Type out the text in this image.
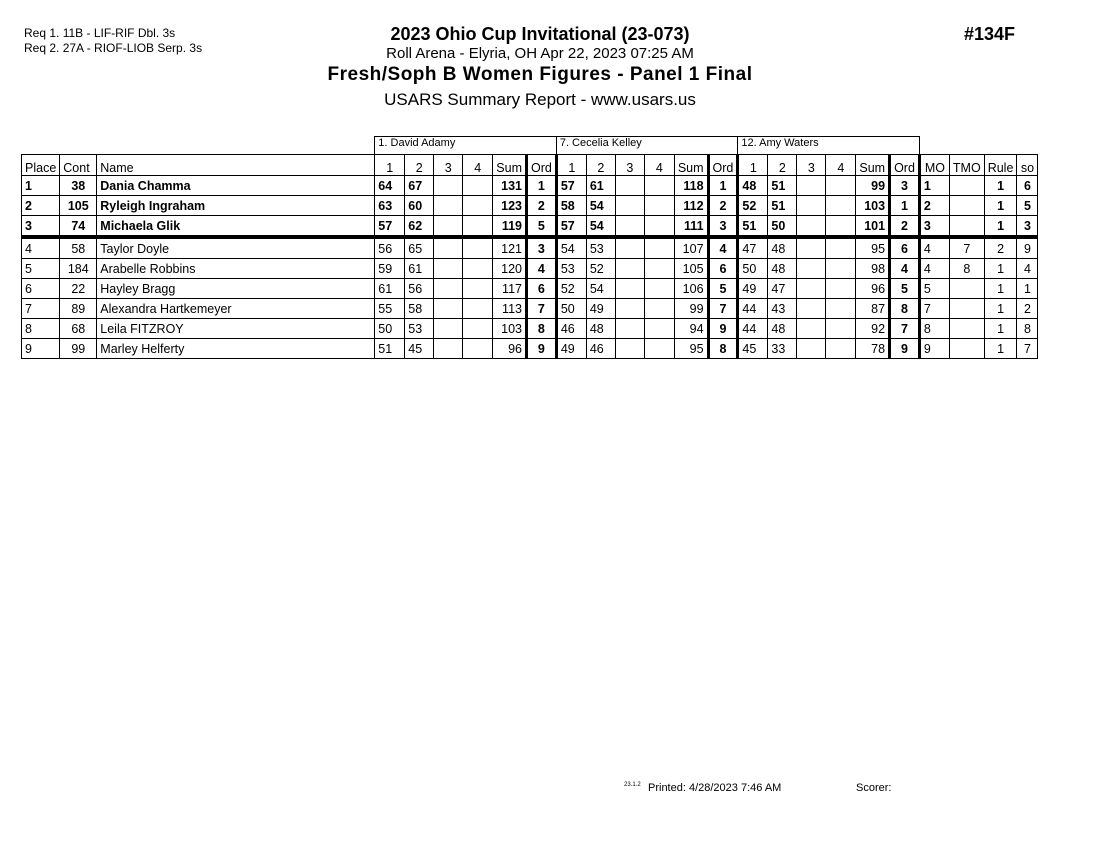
Req 1. 11B - LIF-RIF Dbl. 3s
Req 2. 27A - RIOF-LIOB Serp. 3s
2023 Ohio Cup Invitational (23-073)
Roll Arena - Elyria, OH Apr 22, 2023 07:25 AM
Fresh/Soph B Women Figures - Panel 1 Final
USARS Summary Report - www.usars.us
#134F
			1. David Adamy						7. Cecelia Kelley						12. Amy Waters									
Place	Cont	Name	1	2	3	4	Sum	Ord	1	2	3	4	Sum	Ord	1	2	3	4	Sum	Ord	MO	TMO	Rule	so
1	38	Dania Chamma	64	67			131	1	57	61			118	1	48	51			99	3	1		1	6
2	105	Ryleigh Ingraham	63	60			123	2	58	54			112	2	52	51			103	1	2		1	5
3	74	Michaela Glik	57	62			119	5	57	54			111	3	51	50			101	2	3		1	3
4	58	Taylor Doyle	56	65			121	3	54	53			107	4	47	48			95	6	4	7	2	9
5	184	Arabelle Robbins	59	61			120	4	53	52			105	6	50	48			98	4	4	8	1	4
6	22	Hayley Bragg	61	56			117	6	52	54			106	5	49	47			96	5	5		1	1
7	89	Alexandra Hartkemeyer	55	58			113	7	50	49			99	7	44	43			87	8	7		1	2
8	68	Leila FITZROY	50	53			103	8	46	48			94	9	44	48			92	7	8		1	8
9	99	Marley Helferty	51	45			96	9	49	46			95	8	45	33			78	9	9		1	7
23.1.2 Printed: 4/28/2023 7:46 AM	Scorer:
